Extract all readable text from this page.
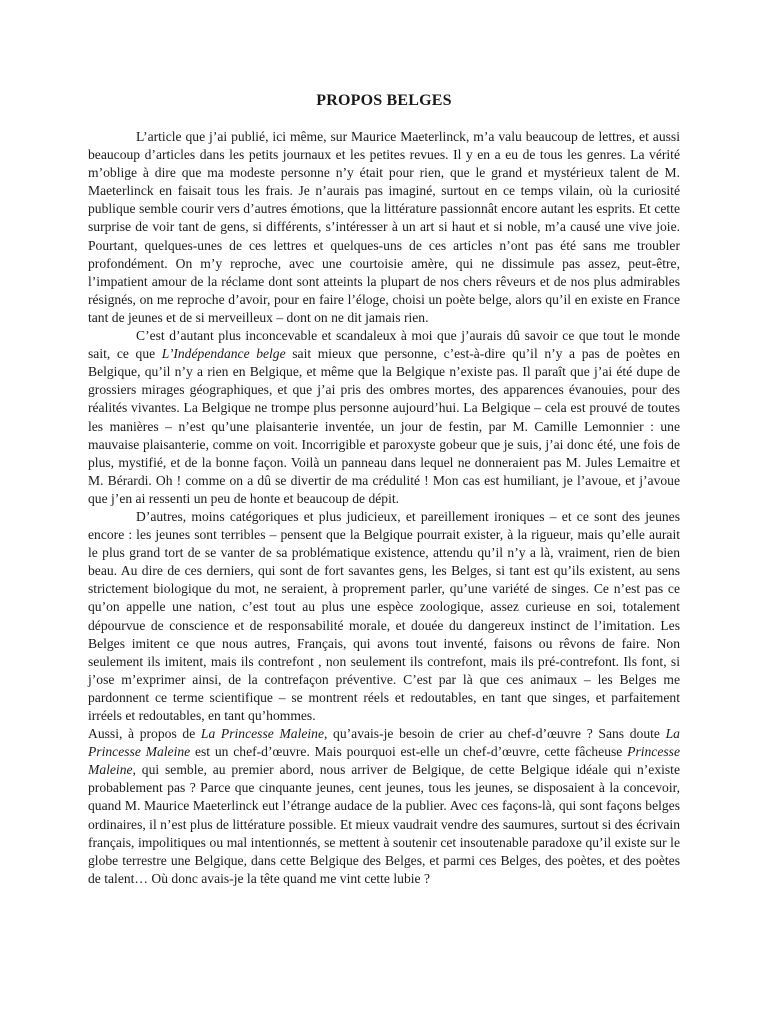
PROPOS BELGES

L’article que j’ai publié, ici même, sur Maurice Maeterlinck, m’a valu beaucoup de lettres, et aussi beaucoup d’articles dans les petits journaux et les petites revues. Il y en a eu de tous les genres. La vérité m’oblige à dire que ma modeste personne n’y était pour rien, que le grand et mystérieux talent de M. Maeterlinck en faisait tous les frais. Je n’aurais pas imaginé, surtout en ce temps vilain, où la curiosité publique semble courir vers d’autres émotions, que la littérature passionnât encore autant les esprits. Et cette surprise de voir tant de gens, si différents, s’intéresser à un art si haut et si noble, m’a causé une vive joie. Pourtant, quelques-unes de ces lettres et quelques-uns de ces articles n’ont pas été sans me troubler profondément. On m’y reproche, avec une courtoisie amère, qui ne dissimule pas assez, peut-être, l’impatient amour de la réclame dont sont atteints la plupart de nos chers rêveurs et de nos plus admirables résignés, on me reproche d’avoir, pour en faire l’éloge, choisi un poète belge, alors qu’il en existe en France tant de jeunes et de si merveilleux – dont on ne dit jamais rien.

C’est d’autant plus inconcevable et scandaleux à moi que j’aurais dû savoir ce que tout le monde sait, ce que L’Indépendance belge sait mieux que personne, c’est-à-dire qu’il n’y a pas de poètes en Belgique, qu’il n’y a rien en Belgique, et même que la Belgique n’existe pas. Il paraît que j’ai été dupe de grossiers mirages géographiques, et que j’ai pris des ombres mortes, des apparences évanouies, pour des réalités vivantes. La Belgique ne trompe plus personne aujourd’hui. La Belgique – cela est prouvé de toutes les manières – n’est qu’une plaisanterie inventée, un jour de festin, par M. Camille Lemonnier : une mauvaise plaisanterie, comme on voit. Incorrigible et paroxyste gobeur que je suis, j’ai donc été, une fois de plus, mystifié, et de la bonne façon. Voilà un panneau dans lequel ne donneraient pas M. Jules Lemaitre et M. Bérardi. Oh ! comme on a dû se divertir de ma crédulité ! Mon cas est humiliant, je l’avoue, et j’avoue que j’en ai ressenti un peu de honte et beaucoup de dépit.

D’autres, moins catégoriques et plus judicieux, et pareillement ironiques – et ce sont des jeunes encore : les jeunes sont terribles – pensent que la Belgique pourrait exister, à la rigueur, mais qu’elle aurait le plus grand tort de se vanter de sa problématique existence, attendu qu’il n’y a là, vraiment, rien de bien beau. Au dire de ces derniers, qui sont de fort savantes gens, les Belges, si tant est qu’ils existent, au sens strictement biologique du mot, ne seraient, à proprement parler, qu’une variété de singes. Ce n’est pas ce qu’on appelle une nation, c’est tout au plus une espèce zoologique, assez curieuse en soi, totalement dépourvue de conscience et de responsabilité morale, et douée du dangereux instinct de l’imitation. Les Belges imitent ce que nous autres, Français, qui avons tout inventé, faisons ou rêvons de faire. Non seulement ils imitent, mais ils contrefont , non seulement ils contrefont, mais ils pré-contrefont. Ils font, si j’ose m’exprimer ainsi, de la contrefaçon préventive. C’est par là que ces animaux – les Belges me pardonnent ce terme scientifique – se montrent réels et redoutables, en tant que singes, et parfaitement irréels et redoutables, en tant qu’hommes.

Aussi, à propos de La Princesse Maleine, qu’avais-je besoin de crier au chef-d’œuvre ? Sans doute La Princesse Maleine est un chef-d’œuvre. Mais pourquoi est-elle un chef-d’œuvre, cette fâcheuse Princesse Maleine, qui semble, au premier abord, nous arriver de Belgique, de cette Belgique idéale qui n’existe probablement pas ? Parce que cinquante jeunes, cent jeunes, tous les jeunes, se disposaient à la concevoir, quand M. Maurice Maeterlinck eut l’étrange audace de la publier. Avec ces façons-là, qui sont façons belges ordinaires, il n’est plus de littérature possible. Et mieux vaudrait vendre des saumures, surtout si des écrivain français, impolitiques ou mal intentionnés, se mettent à soutenir cet insoutenable paradoxe qu’il existe sur le globe terrestre une Belgique, dans cette Belgique des Belges, et parmi ces Belges, des poètes, et des poètes de talent… Où donc avais-je la tête quand me vint cette lubie ?
